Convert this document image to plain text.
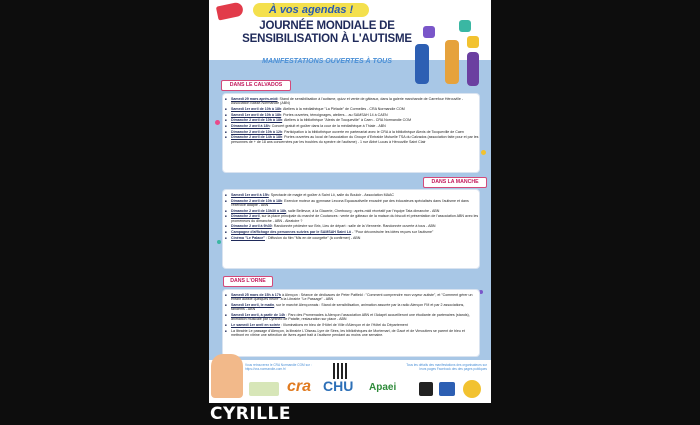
À vos agendas !
JOURNÉE MONDIALE DE SENSIBILISATION À L'AUTISME
MANIFESTATIONS OUVERTES À TOUS
DANS LE CALVADOS
■ Samedi 29 mars après-midi: Stand de sensibilisation à l'autisme, quizz et vente de gâteaux, dans la galerie marchande de Carrefour Hérouville - Association Basse-Normandie (ABN)
■ Samedi 1er avril de 10h à 18h: Ateliers à la médiathèque "La Pléiade" de Cormelles - CRA Normandie COM
■ Samedi 1er avril de 10h à 18h: Portes ouvertes, témoignages, ateliers... au SAMSAH 14 à CAEN
■ Dimanche 2 avril de 10h à 18h: Ateliers à la bibliothèque "Alexis de Tocqueville" à Caen - CRA Normandie COM
■ Dimanche 2 avril à 18h: Concert gratuit et goûter dans la cour de la médiathèque à Thiaie - ABN
■ Dimanche 2 avril de 10h à 12h: Participation à la bibliothèque ouverte en partenariat avec le CRA à la bibliothèque Alexis de Tocqueville de Caen
■ Dimanche 2 avril de 14h à 18h: Portes ouvertes au local de l'association du Groupe d'Entraide Mutuelle TSA du Calvados (association faite pour et par les personnes de + de 18 ans concernées par les troubles du spectre de l'autisme) - 1 rue Abbé Lucas à Hérouville Saint Clair
DANS LA MANCHE
■ Samedi 1er avril à 15h: Spectacle de magie et goûter à Saint Lô, salle du Bouloir - Association MAAC
■ Dimanche 2 avril de 10h à 18h: Exercice moteur au gymnase Lecona Equacautiveile encadré par des éducateurs spécialisés dans l'autisme et dans l'exercice adapté - ABN
■ Dimanche 2 avril de 13h30 à 18h, salle Bellevue, à la Glacerie, Cherbourg : après-midi récréatif par l'équipe Tata dimanche - ABN
■ Dimanche 2 avril, sur la place principale du marché de Coutances : vente de gâteaux de la maison du biscuit et présentation de l'association ABN avec les promeneurs du dimanche - ABN - Aleatoire ?
■ Dimanche 2 avril à 9h30: Randonnée pédestre sur Brix, Lieu de départ : salle de la Viennerie. Randonnée ouverte à tous - ABN
■ Campagne d'affichage des personnes suivies par le SAMSAH Saint Lô - "Pour déconstruire les idées reçues sur l'autisme"
■ Cinéma "Le Palace" : Diffusion du film "Mis en de courgette" (à confirmer) - ABN
DANS L'ORNE
■ Samedi 25 mars de 15h à 17h à Alençon : Séance de dédicaces de Peter Patfield : "Comment comprendre mon voyeur autiste", et "Comment gérer un enfant autiste quelques heure" à la Librairie "Le Passage" - ABN
■ Samedi 1er avril, le matin, sur le marché Alençonnais : Stand de sensibilisation, animation assurée par la radio Alençon FM et par 2 associations, tandems - ABN
■ Samedi 1er avril, à partir de 14h : Parc des Promenades à Alençon l'association ABN et l'Adapéi accueilleront une étudiante de partenaires (stands), animation musicale par Cynthéo de Patafie, restauration sur place - ABN
■ Le samedi 1er avril en soirée : Illuminations en bleu de l'Hôtel de Ville d'Alençon et de l'Hôtel du Département
■ La librairie Le passage d'Alençon, la librairie L'Oiseau-Lyre de Sées, les bibliothèques de Mortemart, de Gacé et de Vimoutiers se parent de bleu et mettront en vitrine une sélection de livres ayant trait à l'autisme pendant au moins une semaine.
Vous retrouverez le CRA Normandie COM sur : https://cra-normandie-com.fr/
Tous les détails des manifestations des organisateurs sur leurs pages Facebook des des pages publiques
cra CHU Apaei
CYRILLE
